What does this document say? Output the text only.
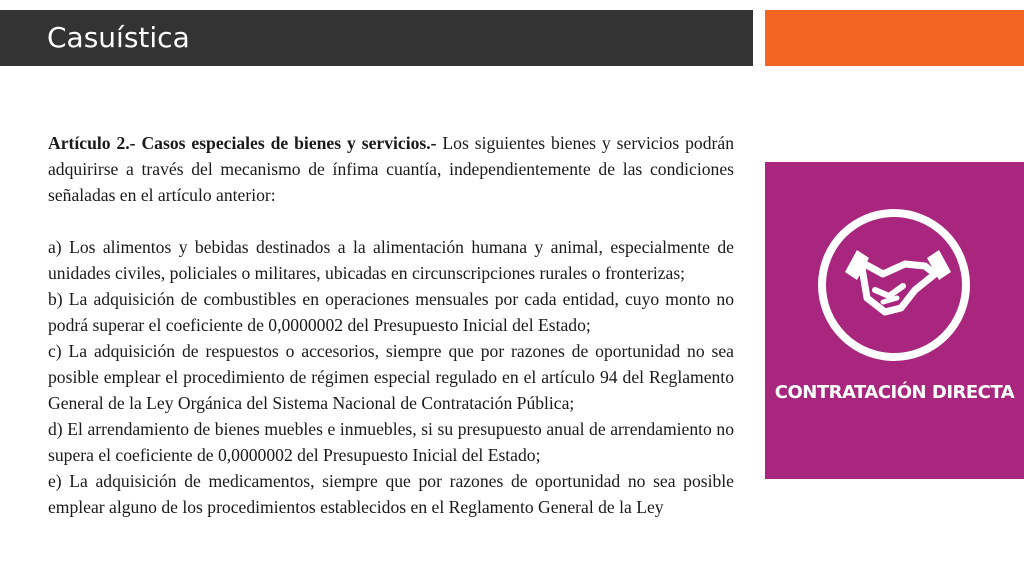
Casuística

Artículo 2.- Casos especiales de bienes y servicios.- Los siguientes bienes y servicios podrán adquirirse a través del mecanismo de ínfima cuantía, independientemente de las condiciones señaladas en el artículo anterior:

a) Los alimentos y bebidas destinados a la alimentación humana y animal, especialmente de unidades civiles, policiales o militares, ubicadas en circunscripciones rurales o fronterizas;

b) La adquisición de combustibles en operaciones mensuales por cada entidad, cuyo monto no podrá superar el coeficiente de 0,0000002 del Presupuesto Inicial del Estado;

c) La adquisición de respuestos o accesorios, siempre que por razones de oportunidad no sea posible emplear el procedimiento de régimen especial regulado en el artículo 94 del Reglamento General de la Ley Orgánica del Sistema Nacional de Contratación Pública;

d) El arrendamiento de bienes muebles e inmuebles, si su presupuesto anual de arrendamiento no supera el coeficiente de 0,0000002 del Presupuesto Inicial del Estado;

e) La adquisición de medicamentos, siempre que por razones de oportunidad no sea posible emplear alguno de los procedimientos establecidos en el Reglamento General de la Ley

CONTRATACIÓN DIRECTA
